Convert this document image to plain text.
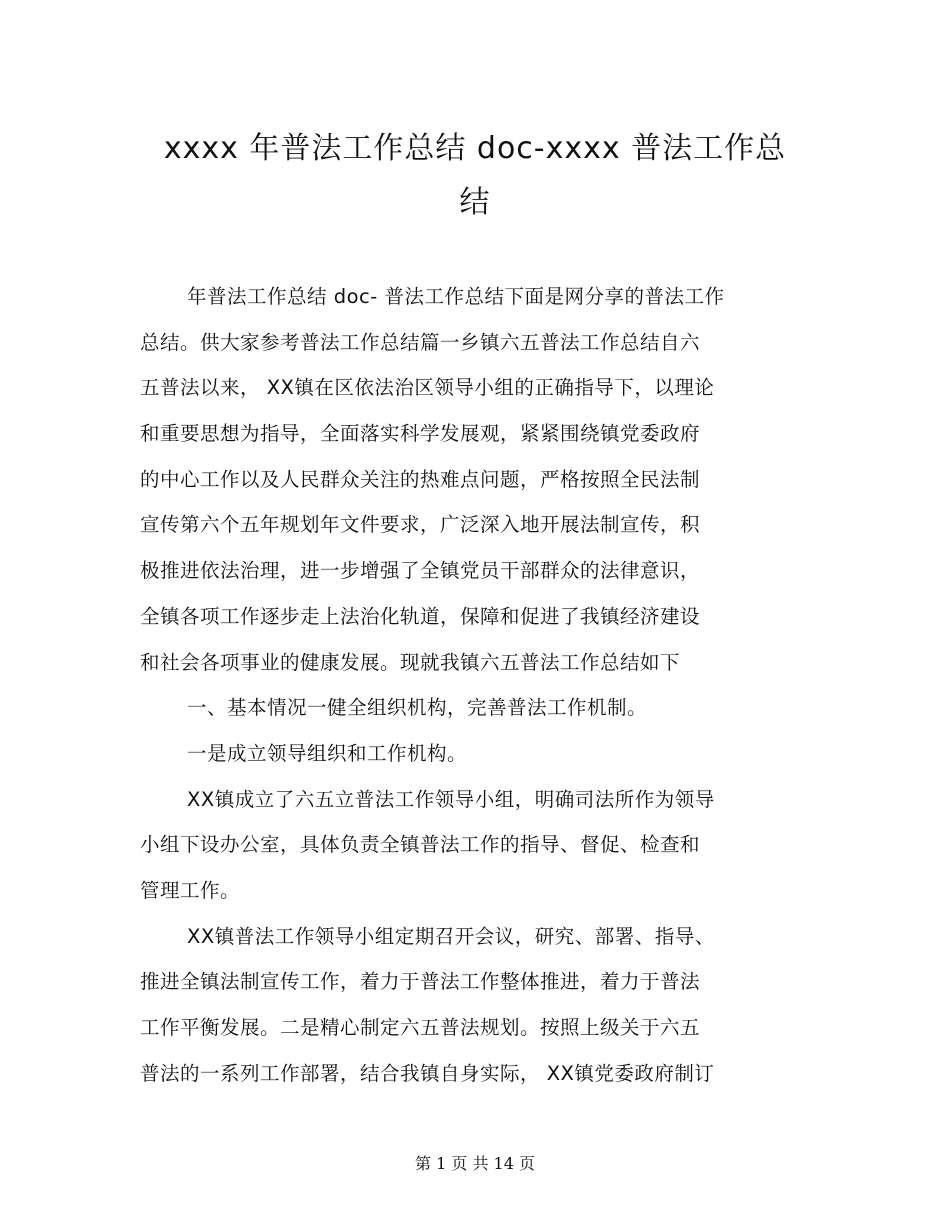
xxxx 年普法工作总结 doc-xxxx 普法工作总
结
年普法工作总结 doc- 普法工作总结下面是网分享的普法工作
总结。供大家参考普法工作总结篇一乡镇六五普法工作总结自六
五普法以来， XX镇在区依法治区领导小组的正确指导下，以理论
和重要思想为指导，全面落实科学发展观，紧紧围绕镇党委政府
的中心工作以及人民群众关注的热难点问题，严格按照全民法制
宣传第六个五年规划年文件要求，广泛深入地开展法制宣传，积
极推进依法治理，进一步增强了全镇党员干部群众的法律意识，
全镇各项工作逐步走上法治化轨道，保障和促进了我镇经济建设
和社会各项事业的健康发展。现就我镇六五普法工作总结如下
一、基本情况一健全组织机构，完善普法工作机制。
一是成立领导组织和工作机构。
XX镇成立了六五立普法工作领导小组，明确司法所作为领导
小组下设办公室，具体负责全镇普法工作的指导、督促、检查和
管理工作。
XX镇普法工作领导小组定期召开会议，研究、部署、指导、
推进全镇法制宣传工作，着力于普法工作整体推进，着力于普法
工作平衡发展。二是精心制定六五普法规划。按照上级关于六五
普法的一系列工作部署，结合我镇自身实际， XX镇党委政府制订
第 1 页 共 14 页
